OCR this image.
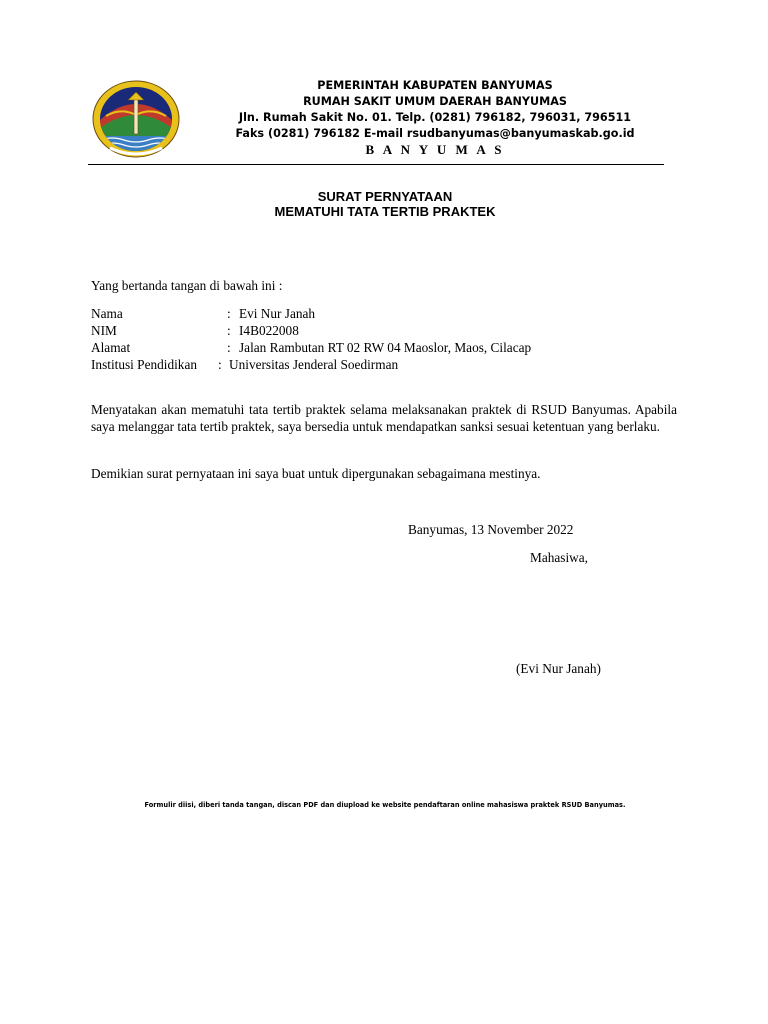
PEMERINTAH KABUPATEN BANYUMAS
RUMAH SAKIT UMUM DAERAH BANYUMAS
Jln. Rumah Sakit No. 01. Telp. (0281) 796182, 796031, 796511
Faks (0281) 796182 E-mail rsudbanyumas@banyumaskab.go.id
B A N Y U M A S
SURAT PERNYATAAN
MEMATUHI TATA TERTIB PRAKTEK
Yang bertanda tangan di bawah ini :
Nama	: Evi Nur Janah
NIM	: I4B022008
Alamat	: Jalan Rambutan RT 02 RW 04 Maoslor, Maos, Cilacap
Institusi Pendidikan : Universitas Jenderal Soedirman
Menyatakan akan mematuhi tata tertib praktek selama melaksanakan praktek di RSUD Banyumas. Apabila saya melanggar tata tertib praktek, saya bersedia untuk mendapatkan sanksi sesuai ketentuan yang berlaku.
Demikian surat pernyataan ini saya buat untuk dipergunakan sebagaimana mestinya.
Banyumas, 13 November 2022
Mahasiwa,
(Evi Nur Janah)
Formulir diisi, diberi tanda tangan, discan PDF dan diupload ke website pendaftaran online mahasiswa praktek RSUD Banyumas.
